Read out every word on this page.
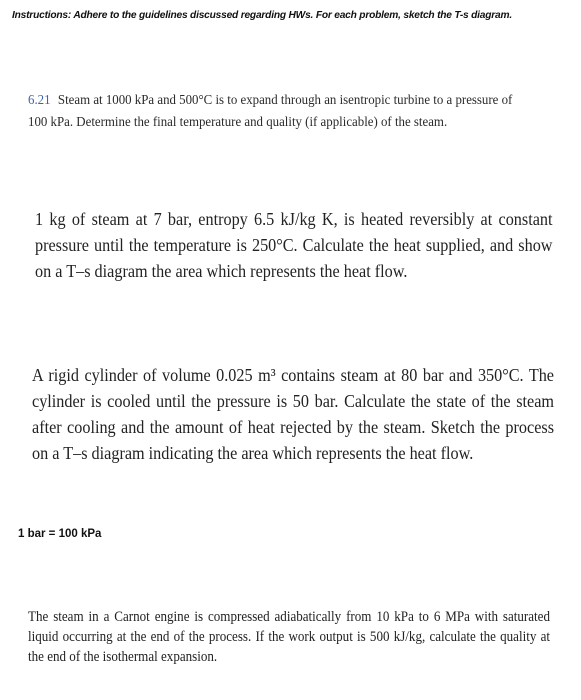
Instructions: Adhere to the guidelines discussed regarding HWs. For each problem, sketch the T-s diagram.
6.21 Steam at 1000 kPa and 500°C is to expand through an isentropic turbine to a pressure of 100 kPa. Determine the final temperature and quality (if applicable) of the steam.
1 kg of steam at 7 bar, entropy 6.5 kJ/kg K, is heated reversibly at constant pressure until the temperature is 250°C. Calculate the heat supplied, and show on a T–s diagram the area which represents the heat flow.
A rigid cylinder of volume 0.025 m³ contains steam at 80 bar and 350°C. The cylinder is cooled until the pressure is 50 bar. Calculate the state of the steam after cooling and the amount of heat rejected by the steam. Sketch the process on a T–s diagram indicating the area which represents the heat flow.
1 bar = 100 kPa
The steam in a Carnot engine is compressed adiabatically from 10 kPa to 6 MPa with saturated liquid occurring at the end of the process. If the work output is 500 kJ/kg, calculate the quality at the end of the isothermal expansion.
